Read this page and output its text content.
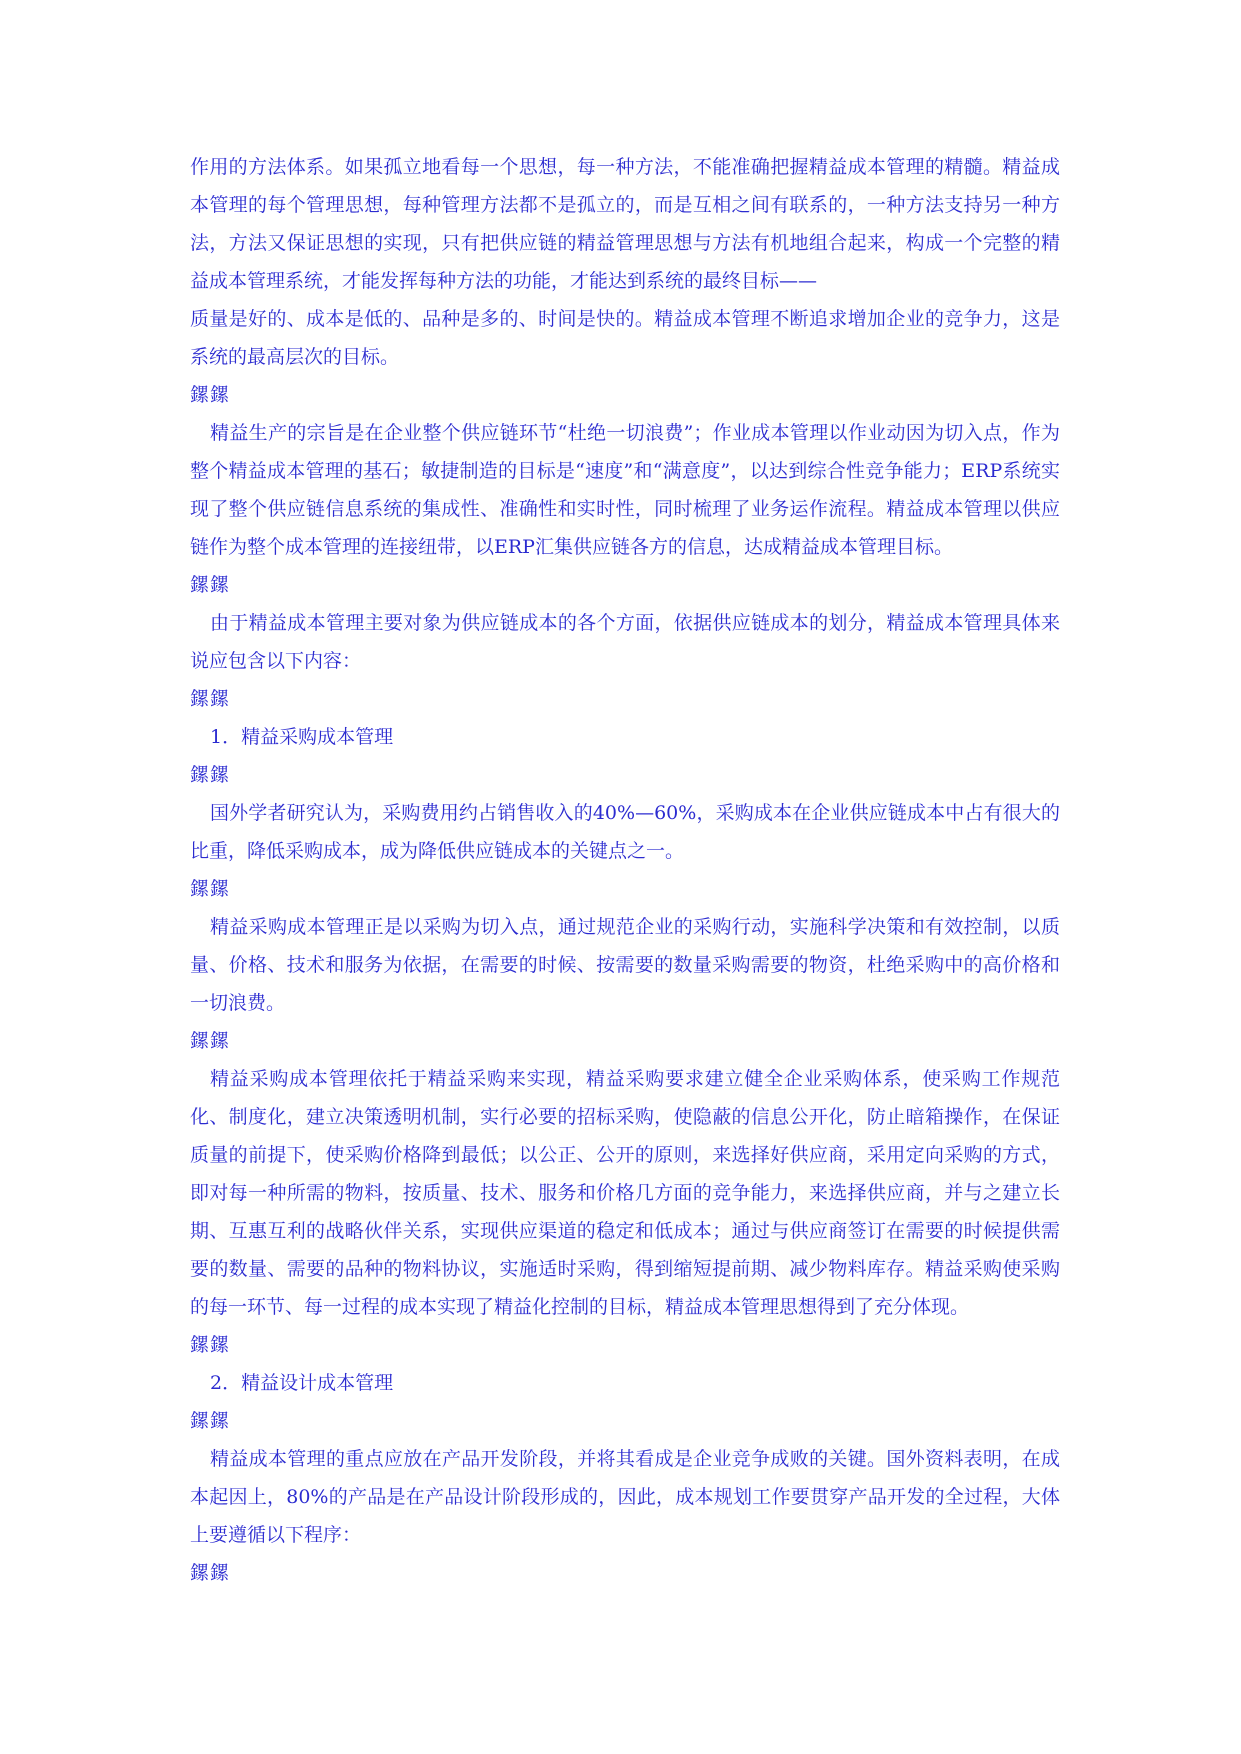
作用的方法体系。如果孤立地看每一个思想，每一种方法，不能准确把握精益成本管理的精髓。精益成本管理的每个管理思想，每种管理方法都不是孤立的，而是互相之间有联系的，一种方法支持另一种方法，方法又保证思想的实现，只有把供应链的精益管理思想与方法有机地组合起来，构成一个完整的精益成本管理系统，才能发挥每种方法的功能，才能达到系统的最终目标——

质量是好的、成本是低的、品种是多的、时间是快的。精益成本管理不断追求增加企业的竞争力，这是系统的最高层次的目标。

鏍鏍

精益生产的宗旨是在企业整个供应链环节“杜绝一切浪费”；作业成本管理以作业动因为切入点，作为整个精益成本管理的基石；敏捷制造的目标是“速度”和“满意度”，以达到综合性竞争能力；ERP系统实现了整个供应链信息系统的集成性、准确性和实时性，同时梳理了业务运作流程。精益成本管理以供应链作为整个成本管理的连接纽带，以ERP汇集供应链各方的信息，达成精益成本管理目标。

鏍鏍

由于精益成本管理主要对象为供应链成本的各个方面，依据供应链成本的划分，精益成本管理具体来说应包含以下内容：

鏍鏍

1．精益采购成本管理

鏍鏍

国外学者研究认为，采购费用约占销售收入的40%—60%，采购成本在企业供应链成本中占有很大的比重，降低采购成本，成为降低供应链成本的关键点之一。

鏍鏍

精益采购成本管理正是以采购为切入点，通过规范企业的采购行动，实施科学决策和有效控制，以质量、价格、技术和服务为依据，在需要的时候、按需要的数量采购需要的物资，杜绝采购中的高价格和一切浪费。

鏍鏍

精益采购成本管理依托于精益采购来实现，精益采购要求建立健全企业采购体系，使采购工作规范化、制度化，建立决策透明机制，实行必要的招标采购，使隐蔽的信息公开化，防止暗箱操作，在保证质量的前提下，使采购价格降到最低；以公正、公开的原则，来选择好供应商，采用定向采购的方式，即对每一种所需的物料，按质量、技术、服务和价格几方面的竞争能力，来选择供应商，并与之建立长期、互惠互利的战略伙伴关系，实现供应渠道的稳定和低成本；通过与供应商签订在需要的时候提供需要的数量、需要的品种的物料协议，实施适时采购，得到缩短提前期、减少物料库存。精益采购使采购的每一环节、每一过程的成本实现了精益化控制的目标，精益成本管理思想得到了充分体现。

鏍鏍

2．精益设计成本管理

鏍鏍

精益成本管理的重点应放在产品开发阶段，并将其看成是企业竞争成败的关键。国外资料表明，在成本起因上，80%的产品是在产品设计阶段形成的，因此，成本规划工作要贯穿产品开发的全过程，大体上要遵循以下程序：

鏍鏍
